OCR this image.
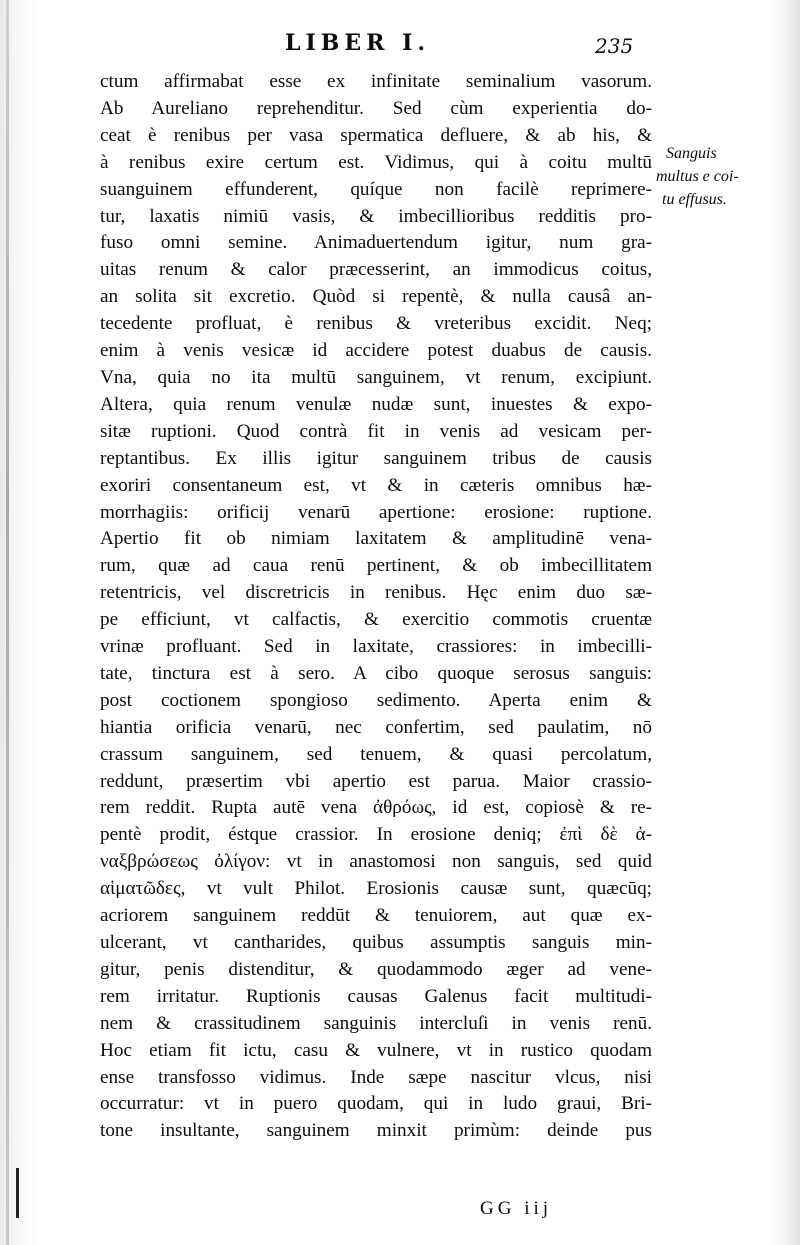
LIBER I.	235
ctum affirmabat esse ex infinitate seminalium vasorum.
Ab Aureliano reprehenditur. Sed cùm experientia do-
ceat è renibus per vasa spermatica defluere, & ab his, &
à renibus exire certum est. Vidimus, qui à coitu multū
suanguinem effunderent, quíque non facilè reprimere-
tur, laxatis nimiū vasis, & imbecillioribus redditis pro-
fuso omni semine. Animaduertendum igitur, num gra-
uitas renum & calor præcesserint, an immodicus coitus,
an solita sit excretio. Quòd si repentè, & nulla causâ an-
tecedente profluat, è renibus & vreteribus excidit. Neq;
enim à venis vesicæ id accidere potest duabus de causis.
Vna, quia no ita multū sanguinem, vt renum, excipiunt.
Altera, quia renum venulæ nudæ sunt, inuestes & expo-
sitæ ruptioni. Quod contrà fit in venis ad vesicam per-
reptantibus. Ex illis igitur sanguinem tribus de causis
exoriri consentaneum est, vt & in cæteris omnibus hæ-
morrhagiis: orificij venarū apertione: erosione: ruptione.
Apertio fit ob nimiam laxitatem & amplitudinē vena-
rum, quæ ad caua renū pertinent, & ob imbecillitatem
retentricis, vel discretricis in renibus. Hęc enim duo sæ-
pe efficiunt, vt calfactis, & exercitio commotis cruentæ
vrinæ profluant. Sed in laxitate, crassiores: in imbecilli-
tate, tinctura est à sero. A cibo quoque serosus sanguis:
post coctionem spongioso sedimento. Aperta enim &
hiantia orificia venarū, nec confertim, sed paulatim, nō
crassum sanguinem, sed tenuem, & quasi percolatum,
reddunt, præsertim vbi apertio est parua. Maior crassio-
rem reddit. Rupta autē vena ἀθρόως, id est, copiosè & re-
pentè prodit, éstque crassior. In erosione deniq; ἐπὶ δὲ ἀ-
ναξβρώσεως ὀλίγον: vt in anastomosi non sanguis, sed quid
αἱματῶδες, vt vult Philot. Erosionis causæ sunt, quæcūq;
acriorem sanguinem reddūt & tenuiorem, aut quæ ex-
ulcerant, vt cantharides, quibus assumptis sanguis min-
gitur, penis distenditur, & quodammodo æger ad vene-
rem irritatur. Ruptionis causas Galenus facit multitudi-
nem & crassitudinem sanguinis intercluſi in venis renū.
Hoc etiam fit ictu, casu & vulnere, vt in rustico quodam
ense transfosso vidimus. Inde sæpe nascitur vlcus, nisi
occurratur: vt in puero quodam, qui in ludo graui, Bri-
tone insultante, sanguinem minxit primùm: deinde pus
Sanguis
multus e coi-
tu effusus.
GG iij
